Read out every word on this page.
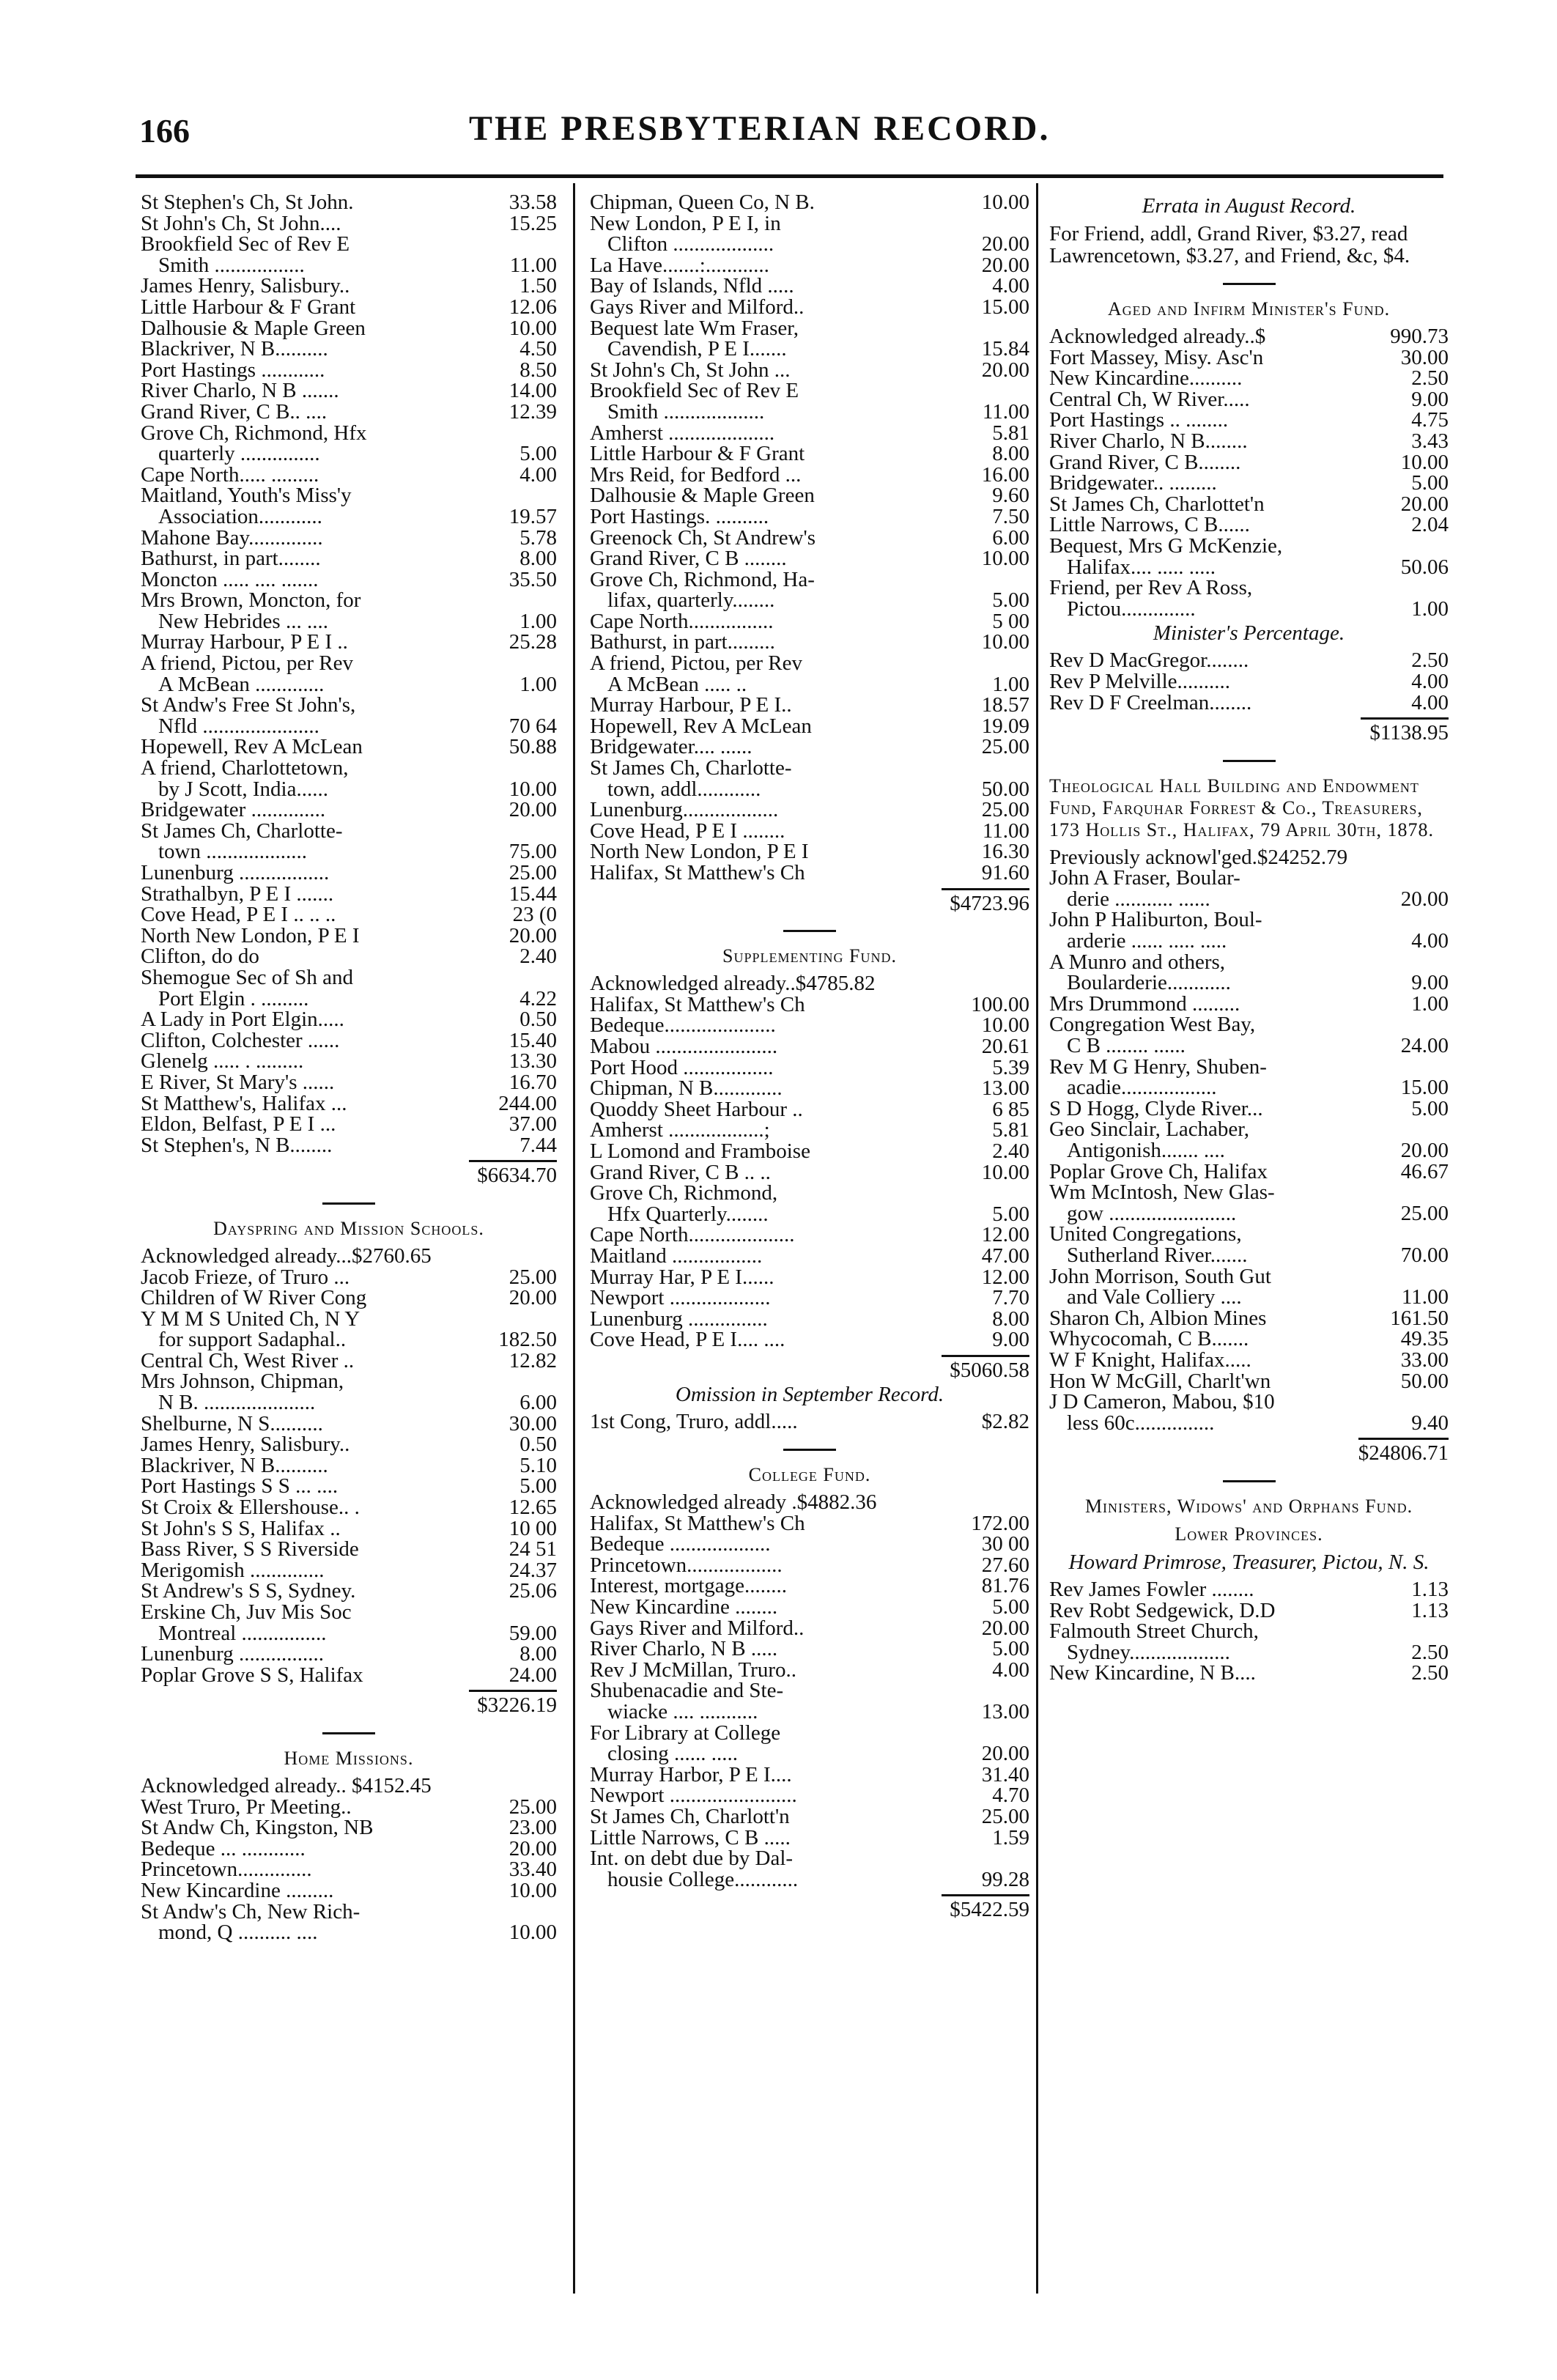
166	THE PRESBYTERIAN RECORD.
St Stephen's Ch, St John.	33.58
St John's Ch, St John....	15.25
Brookfield Sec of Rev E
Smith .................	11.00
James Henry, Salisbury..	1.50
Little Harbour & F Grant	12.06
Dalhousie & Maple Green	10.00
Blackriver, N B..........	4.50
Port Hastings ............	8.50
River Charlo, N B .......	14.00
Grand River, C B.. ....	12.39
Grove Ch, Richmond, Hfx
quarterly ...............	5.00
Cape North..... .........	4.00
Maitland, Youth's Miss'y
Association............	19.57
Mahone Bay..............	5.78
Bathurst, in part........	8.00
Moncton ..... .... .......	35.50
Mrs Brown, Moncton, for
New Hebrides ... ....	1.00
Murray Harbour, P E I ..	25.28
A friend, Pictou, per Rev
A McBean .............	1.00
St Andw's Free St John's,
Nfld ......................	70 64
Hopewell, Rev A McLean	50.88
A friend, Charlottetown,
by J Scott, India......	10.00
Bridgewater ..............	20.00
St James Ch, Charlotte-
town ...................	75.00
Lunenburg .................	25.00
Strathalbyn, P E I .......	15.44
Cove Head, P E I .. .. ..	23 (0
North New London, P E I	20.00
Clifton, do do	2.40
Shemogue Sec of Sh and
Port Elgin . .........	4.22
A Lady in Port Elgin.....	0.50
Clifton, Colchester ......	15.40
Glenelg ..... . .........	13.30
E River, St Mary's ......	16.70
St Matthew's, Halifax ...	244.00
Eldon, Belfast, P E I ...	37.00
St Stephen's, N B........	7.44
$6634.70
Dayspring and Mission Schools.
Acknowledged already...$2760.65
Jacob Frieze, of Truro ...	25.00
Children of W River Cong	20.00
Y M M S United Ch, N Y
for support Sadaphal..	182.50
Central Ch, West River ..	12.82
Mrs Johnson, Chipman,
N B. .....................	6.00
Shelburne, N S..........	30.00
James Henry, Salisbury..	0.50
Blackriver, N B..........	5.10
Port Hastings S S ... ....	5.00
St Croix & Ellershouse.. .	12.65
St John's S S, Halifax ..	10 00
Bass River, S S Riverside	24 51
Merigomish ..............	24.37
St Andrew's S S, Sydney.	25.06
Erskine Ch, Juv Mis Soc
Montreal ................	59.00
Lunenburg ................	8.00
Poplar Grove S S, Halifax	24.00
$3226.19
Home Missions.
Acknowledged already.. $4152.45
West Truro, Pr Meeting..	25.00
St Andw Ch, Kingston, NB	23.00
Bedeque ... ............	20.00
Princetown..............	33.40
New Kincardine .........	10.00
St Andw's Ch, New Rich-
mond, Q .......... ....	10.00
Chipman, Queen Co, N B.	10.00
New London, P E I, in
Clifton ...................	20.00
La Have.......:............	20.00
Bay of Islands, Nfld .....	4.00
Gays River and Milford..	15.00
Bequest late Wm Fraser,
Cavendish, P E I.......	15.84
St John's Ch, St John ...	20.00
Brookfield Sec of Rev E
Smith ...................	11.00
Amherst ....................	5.81
Little Harbour & F Grant	8.00
Mrs Reid, for Bedford ...	16.00
Dalhousie & Maple Green	9.60
Port Hastings. ..........	7.50
Greenock Ch, St Andrew's	6.00
Grand River, C B ........	10.00
Grove Ch, Richmond, Ha-
lifax, quarterly........	5.00
Cape North................	5 00
Bathurst, in part.........	10.00
A friend, Pictou, per Rev
A McBean ..... ..	1.00
Murray Harbour, P E I..	18.57
Hopewell, Rev A McLean	19.09
Bridgewater.... ......	25.00
St James Ch, Charlotte-
town, addl............	50.00
Lunenburg..................	25.00
Cove Head, P E I ........	11.00
North New London, P E I	16.30
Halifax, St Matthew's Ch	91.60
$4723.96
Supplementing Fund.
Acknowledged already..$4785.82
Halifax, St Matthew's Ch	100.00
Bedeque.....................	10.00
Mabou .......................	20.61
Port Hood .................	5.39
Chipman, N B.............	13.00
Quoddy Sheet Harbour ..	6 85
Amherst ..................;	5.81
L Lomond and Framboise	2.40
Grand River, C B .. ..	10.00
Grove Ch, Richmond,
Hfx Quarterly........	5.00
Cape North....................	12.00
Maitland .................	47.00
Murray Har, P E I......	12.00
Newport ...................	7.70
Lunenburg ...............	8.00
Cove Head, P E I.... ....	9.00
$5060.58
Omission in September Record.
1st Cong, Truro, addl.....	$2.82
College Fund.
Acknowledged already .$4882.36
Halifax, St Matthew's Ch	172.00
Bedeque ...................	30 00
Princetown..................	27.60
Interest, mortgage........	81.76
New Kincardine ........	5.00
Gays River and Milford..	20.00
River Charlo, N B .....	5.00
Rev J McMillan, Truro..	4.00
Shubenacadie and Ste-
wiacke .... ...........	13.00
For Library at College
closing ...... .....	20.00
Murray Harbor, P E I....	31.40
Newport ........................	4.70
St James Ch, Charlott'n	25.00
Little Narrows, C B .....	1.59
Int. on debt due by Dal-
housie College............	99.28
$5422.59
Errata in August Record.
For Friend, addl, Grand River, $3.27, read Lawrencetown, $3.27, and Friend, &c, $4.
Aged and Infirm Minister's Fund.
Acknowledged already..$	990.73
Fort Massey, Misy. Asc'n	30.00
New Kincardine..........	2.50
Central Ch, W River.....	9.00
Port Hastings .. ........	4.75
River Charlo, N B........	3.43
Grand River, C B........	10.00
Bridgewater.. .........	5.00
St James Ch, Charlottet'n	20.00
Little Narrows, C B......	2.04
Bequest, Mrs G McKenzie,
Halifax.... ..... .....	50.06
Friend, per Rev A Ross,
Pictou..............	1.00
Minister's Percentage.
Rev D MacGregor........	2.50
Rev P Melville..........	4.00
Rev D F Creelman........	4.00
$1138.95
Theological Hall Building and Endowment Fund, Farquhar Forrest & Co., Treasurers, 173 Hollis St., Halifax, 79 April 30th, 1878.
Previously acknowl'ged.$24252.79
John A Fraser, Boular-
derie ........... ......	20.00
John P Haliburton, Boul-
arderie ...... ..... .....	4.00
A Munro and others,
Boularderie............	9.00
Mrs Drummond .........	1.00
Congregation West Bay,
C B ........ ......	24.00
Rev M G Henry, Shuben-
acadie..................	15.00
S D Hogg, Clyde River...	5.00
Geo Sinclair, Lachaber,
Antigonish....... ....	20.00
Poplar Grove Ch, Halifax	46.67
Wm McIntosh, New Glas-
gow ........................	25.00
United Congregations,
Sutherland River.......	70.00
John Morrison, South Gut
and Vale Colliery ....	11.00
Sharon Ch, Albion Mines	161.50
Whycocomah, C B.......	49.35
W F Knight, Halifax.....	33.00
Hon W McGill, Charlt'wn	50.00
J D Cameron, Mabou, $10
less 60c...............	9.40
$24806.71
Ministers, Widows' and Orphans Fund.
Lower Provinces.
Howard Primrose, Treasurer, Pictou, N. S.
Rev James Fowler ........	1.13
Rev Robt Sedgewick, D.D	1.13
Falmouth Street Church,
Sydney...................	2.50
New Kincardine, N B....	2.50
